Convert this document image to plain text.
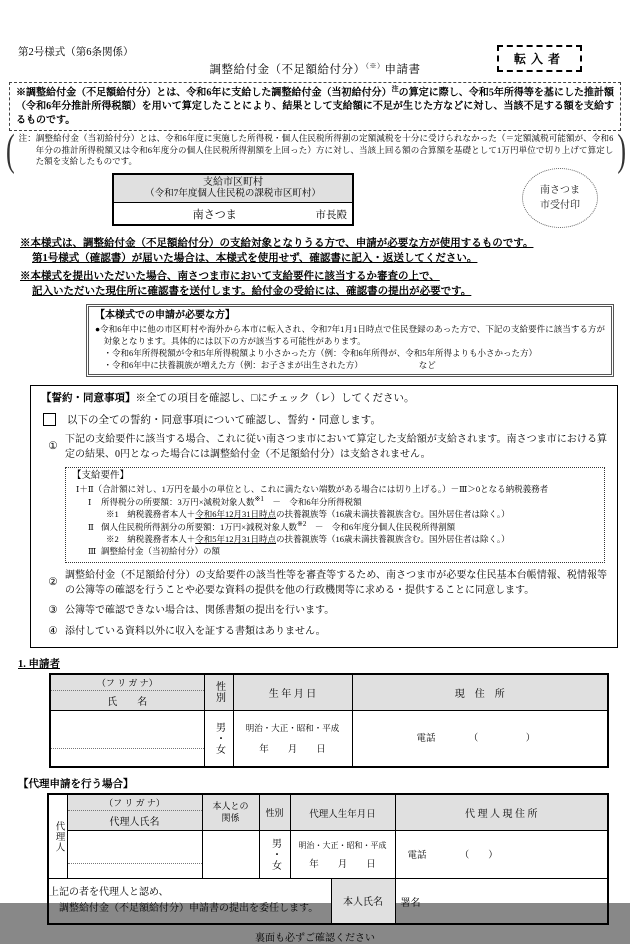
第2号様式（第6条関係）
調整給付金（不足額給付分）（※）申請書
転入者
南さつま
市受付印
※調整給付金（不足額給付分）とは、令和6年に支給した調整給付金（当初給付分）$^注$の算定に際し、令和5年所得等を基にした推計額（令和6年分推計所得税額）を用いて算定したことにより、結果として支給額に不足が生じた方などに対し、当該不足する額を支給するものです。
( 注：調整給付金（当初給付分）とは、令和6年度に実施した所得税・個人住民税所得割の定額減税を十分に受けられなかった（＝定額減税可能額が、令和6年分の推計所得税額又は令和6年度分の個人住民税所得割額を上回った）方に対し、当該上回る額の合算額を基礎として1万円単位で切り上げて算定した額を支給したものです。	)
支給市区町村
（令和7年度個人住民税の課税市区町村）
南さつま	市長殿
※本様式は、調整給付金（不足額給付分）の支給対象となりうる方で、申請が必要な方が使用するものです。
第1号様式（確認書）が届いた場合は、本様式を使用せず、確認書に記入・返送してください。
※本様式を提出いただいた場合、南さつま市において支給要件に該当するか審査の上で、
記入いただいた現住所に確認書を送付します。給付金の受給には、確認書の提出が必要です。
【本様式での申請が必要な方】
●令和6年中に他の市区町村や海外から本市に転入され、令和7年1月1日時点で住民登録のあった方で、下記の支給要件に該当する方が対象となります。具体的には以下の方が該当する可能性があります。
・令和6年所得税額が令和5年所得税額より小さかった方（例：令和6年所得が、令和5年所得よりも小さかった方）
・令和6年中に扶養親族が増えた方（例：お子さまが出生された方）	など
【誓約・同意事項】※全ての項目を確認し、□にチェック（レ）してください。
以下の全ての誓約・同意事項について確認し、誓約・同意します。
①
下記の支給要件に該当する場合、これに従い南さつま市において算定した支給額が支給されます。南さつま市における算定の結果、0円となった場合には調整給付金（不足額給付分）は支給されません。
【支給要件】
Ⅰ＋Ⅱ（合計額に対し、1万円を最小の単位とし、これに満たない端数がある場合には切り上げる。）－Ⅲ＞0となる納税義務者
Ⅰ 所得税分の所要額：3万円×減税対象人数$^{※1}$　－　令和6年分所得税額
※1　納税義務者本人＋令和6年12月31日時点の扶養親族等（16歳未満扶養親族含む。国外居住者は除く。）
Ⅱ 個人住民税所得割分の所要額：1万円×減税対象人数$^{※2}$　－　令和6年度分個人住民税所得割額
※2　納税義務者本人＋令和5年12月31日時点の扶養親族等（16歳未満扶養親族含む。国外居住者は除く。）
Ⅲ 調整給付金（当初給付分）の額
②
調整給付金（不足額給付分）の支給要件の該当性等を審査等するため、南さつま市が必要な住民基本台帳情報、税情報等の公簿等の確認を行うことや必要な資料の提供を他の行政機関等に求める・提供することに同意します。
③ 公簿等で確認できない場合は、関係書類の提出を行います。
④ 添付している資料以外に収入を証する書類はありません。
1. 申請者
（フ リ ガ ナ）
氏　　名	性別	生 年 月 日	現　住　所

	男・女	明治・大正・昭和・平成
年　　月　　日	電話　　　　（　　　　　）
【代理申請を行う場合】
代理人	（フ リ ガ ナ）
代理人氏名	本人との関係	性別	代理人生年月日		代 理 人 現 住 所

			男・女	明治・大正・昭和・平成
年　　月　　日		電話　　　　（　　）

上記の者を代理人と認め、
　調整給付金（不足額給付分）申請書の提出を委任します。					本人氏名	署名
裏面も必ずご確認ください
